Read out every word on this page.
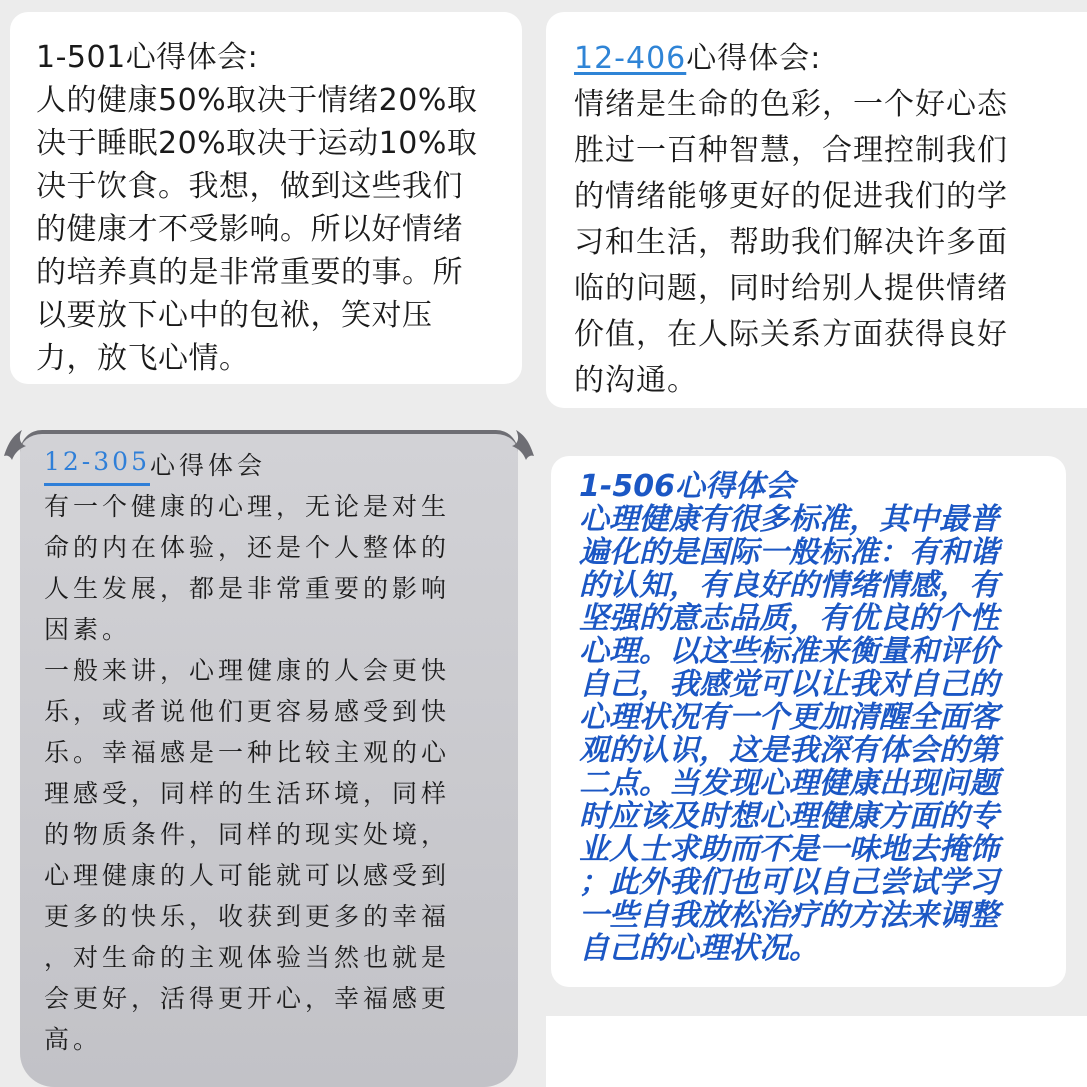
1-501心得体会:

人的健康50%取决于情绪20%取
决于睡眠20%取决于运动10%取
决于饮食。我想，做到这些我们
的健康才不受影响。所以好情绪
的培养真的是非常重要的事。所
以要放下心中的包袱，笑对压
力，放飞心情。

12-406心得体会:

情绪是生命的色彩，一个好心态
胜过一百种智慧，合理控制我们
的情绪能够更好的促进我们的学
习和生活，帮助我们解决许多面
临的问题，同时给别人提供情绪
价值，在人际关系方面获得良好
的沟通。

12-305 心得体会

有一个健康的心理，无论是对生
命的内在体验，还是个人整体的
人生发展，都是非常重要的影响
因素。
一般来讲，心理健康的人会更快
乐，或者说他们更容易感受到快
乐。幸福感是一种比较主观的心
理感受，同样的生活环境，同样
的物质条件，同样的现实处境，
心理健康的人可能就可以感受到
更多的快乐，收获到更多的幸福
，对生命的主观体验当然也就是
会更好，活得更开心，幸福感更
高。

1-506心得体会

心理健康有很多标准，其中最普
遍化的是国际一般标准：有和谐
的认知，有良好的情绪情感，有
坚强的意志品质，有优良的个性
心理。以这些标准来衡量和评价
自己，我感觉可以让我对自己的
心理状况有一个更加清醒全面客
观的认识，这是我深有体会的第
二点。当发现心理健康出现问题
时应该及时想心理健康方面的专
业人士求助而不是一味地去掩饰
；此外我们也可以自己尝试学习
一些自我放松治疗的方法来调整
自己的心理状况。
